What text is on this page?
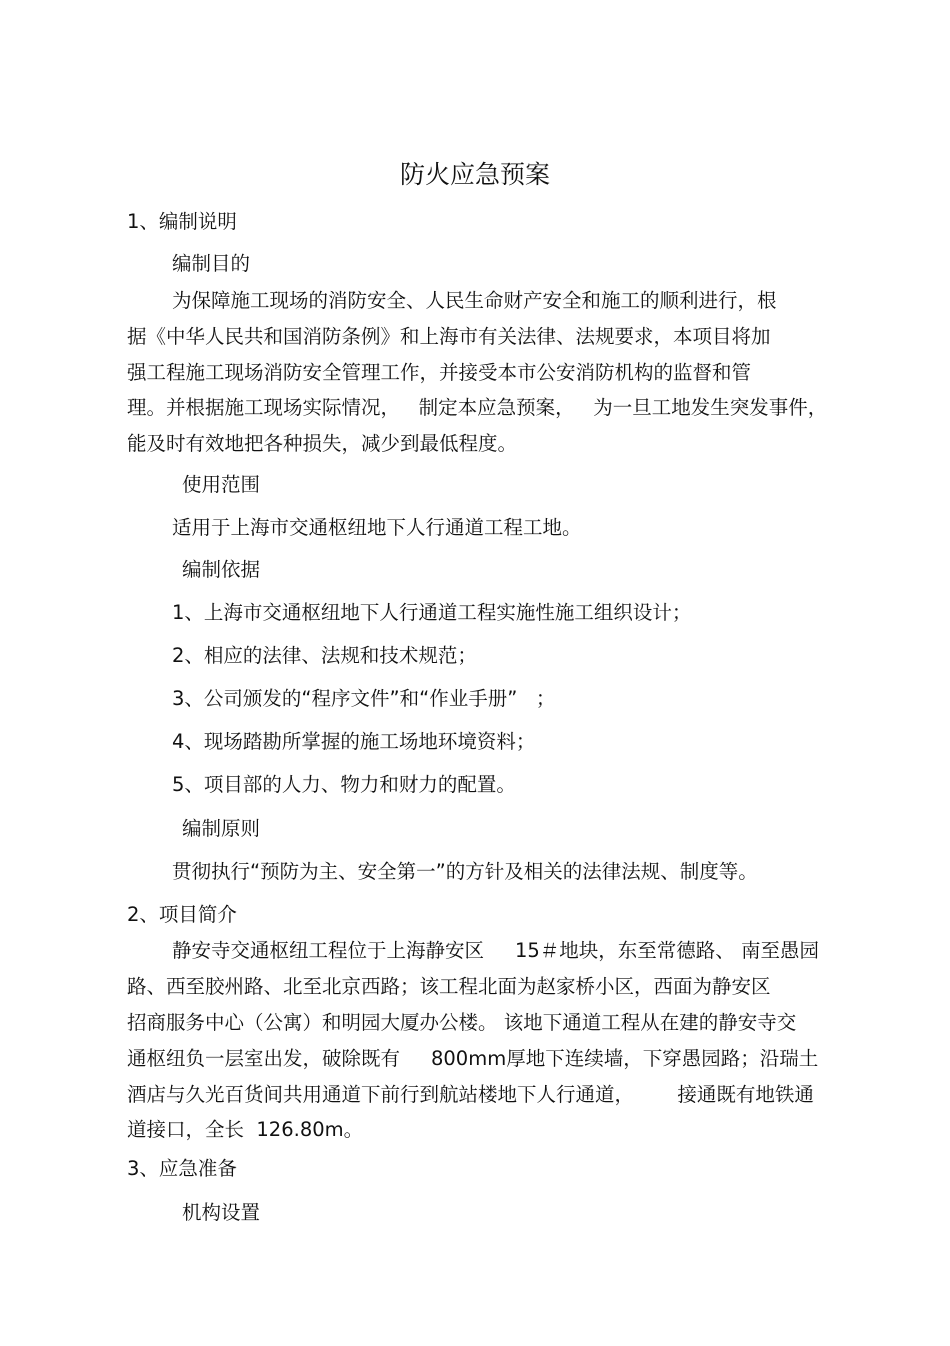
防火应急预案
1、编制说明
编制目的
为保障施工现场的消防安全、人民生命财产安全和施工的顺利进行，根
据《中华人民共和国消防条例》和上海市有关法律、法规要求，本项目将加
强工程施工现场消防安全管理工作，并接受本市公安消防机构的监督和管
理。并根据施工现场实际情况，   制定本应急预案，   为一旦工地发生突发事件，
能及时有效地把各种损失，减少到最低程度。
使用范围
适用于上海市交通枢纽地下人行通道工程工地。
编制依据
1、上海市交通枢纽地下人行通道工程实施性施工组织设计；
2、相应的法律、法规和技术规范；
3、公司颁发的“程序文件”和“作业手册”   ；
4、现场踏勘所掌握的施工场地环境资料；
5、项目部的人力、物力和财力的配置。
编制原则
贯彻执行“预防为主、安全第一”的方针及相关的法律法规、制度等。
2、项目简介
静安寺交通枢纽工程位于上海静安区     15＃地块，东至常德路、 南至愚园
路、西至胶州路、北至北京西路；该工程北面为赵家桥小区，西面为静安区
招商服务中心（公寓）和明园大厦办公楼。 该地下通道工程从在建的静安寺交
通枢纽负一层室出发，破除既有     800mm厚地下连续墙，下穿愚园路；沿瑞土
酒店与久光百货间共用通道下前行到航站楼地下人行通道，       接通既有地铁通
道接口，全长  126.80m。
3、应急准备
机构设置
